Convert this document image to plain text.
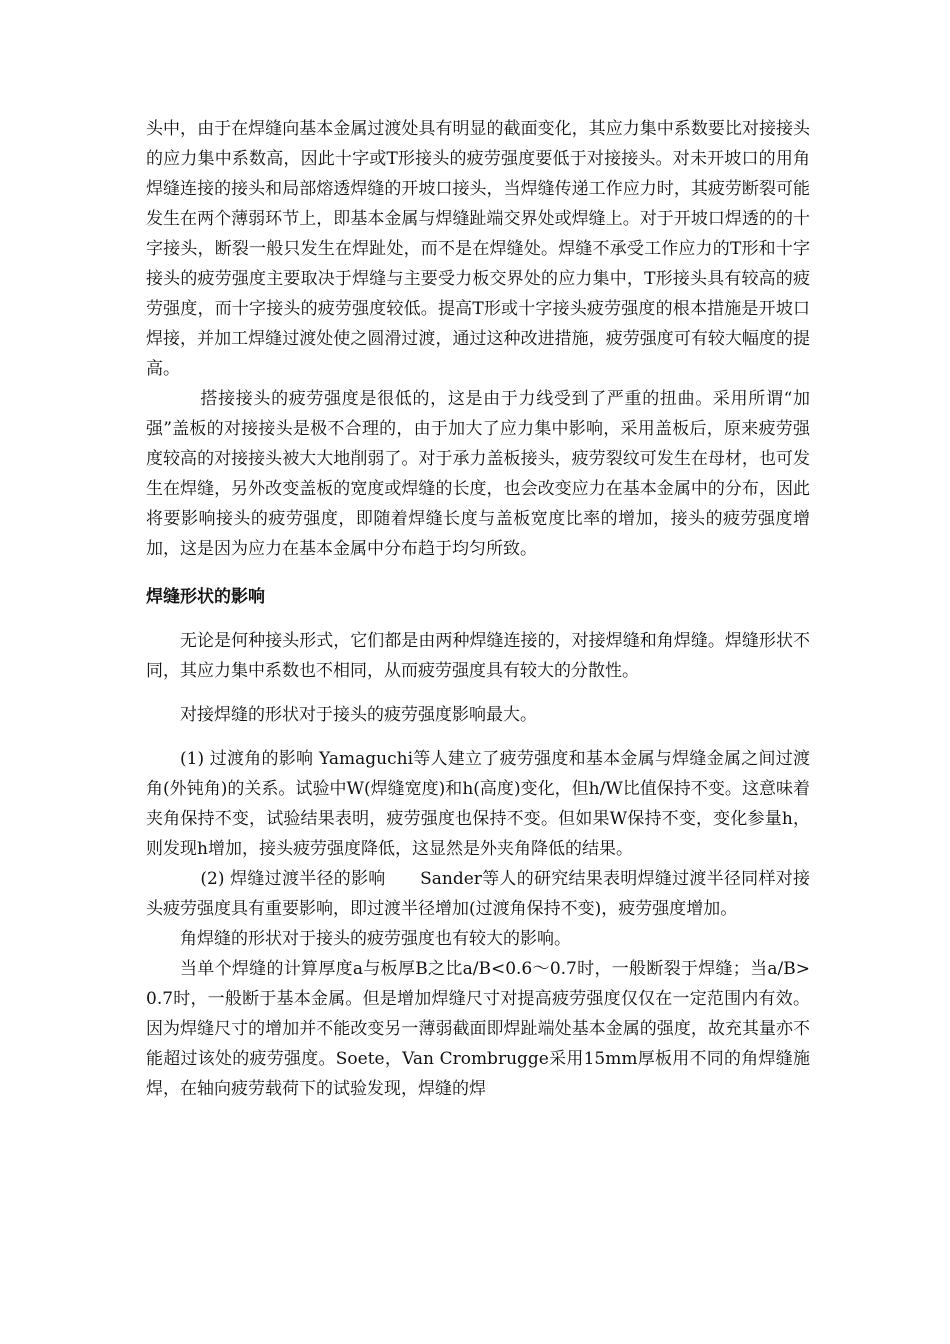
头中，由于在焊缝向基本金属过渡处具有明显的截面变化，其应力集中系数要比对接接头的应力集中系数高，因此十字或T形接头的疲劳强度要低于对接接头。对未开坡口的用角焊缝连接的接头和局部熔透焊缝的开坡口接头，当焊缝传递工作应力时，其疲劳断裂可能发生在两个薄弱环节上，即基本金属与焊缝趾端交界处或焊缝上。对于开坡口焊透的的十字接头，断裂一般只发生在焊趾处，而不是在焊缝处。焊缝不承受工作应力的T形和十字接头的疲劳强度主要取决于焊缝与主要受力板交界处的应力集中，T形接头具有较高的疲劳强度，而十字接头的疲劳强度较低。提高T形或十字接头疲劳强度的根本措施是开坡口焊接，并加工焊缝过渡处使之圆滑过渡，通过这种改进措施，疲劳强度可有较大幅度的提高。

搭接接头的疲劳强度是很低的，这是由于力线受到了严重的扭曲。采用所谓“加强”盖板的对接接头是极不合理的，由于加大了应力集中影响，采用盖板后，原来疲劳强度较高的对接接头被大大地削弱了。对于承力盖板接头，疲劳裂纹可发生在母材，也可发生在焊缝，另外改变盖板的宽度或焊缝的长度，也会改变应力在基本金属中的分布，因此将要影响接头的疲劳强度，即随着焊缝长度与盖板宽度比率的增加，接头的疲劳强度增加，这是因为应力在基本金属中分布趋于均匀所致。

焊缝形状的影响

无论是何种接头形式，它们都是由两种焊缝连接的，对接焊缝和角焊缝。焊缝形状不同，其应力集中系数也不相同，从而疲劳强度具有较大的分散性。

对接焊缝的形状对于接头的疲劳强度影响最大。

(1) 过渡角的影响 Yamaguchi等人建立了疲劳强度和基本金属与焊缝金属之间过渡角(外钝角)的关系。试验中W(焊缝宽度)和h(高度)变化，但h/W比值保持不变。这意味着夹角保持不变，试验结果表明，疲劳强度也保持不变。但如果W保持不变，变化参量h，则发现h增加，接头疲劳强度降低，这显然是外夹角降低的结果。

(2) 焊缝过渡半径的影响　　Sander等人的研究结果表明焊缝过渡半径同样对接头疲劳强度具有重要影响，即过渡半径增加(过渡角保持不变)，疲劳强度增加。

角焊缝的形状对于接头的疲劳强度也有较大的影响。

当单个焊缝的计算厚度a与板厚B之比a/B<0.6～0.7时，一般断裂于焊缝；当a/B>0.7时，一般断于基本金属。但是增加焊缝尺寸对提高疲劳强度仅仅在一定范围内有效。因为焊缝尺寸的增加并不能改变另一薄弱截面即焊趾端处基本金属的强度，故充其量亦不能超过该处的疲劳强度。Soete，Van Crombrugge采用15mm厚板用不同的角焊缝施焊，在轴向疲劳载荷下的试验发现，焊缝的焊
